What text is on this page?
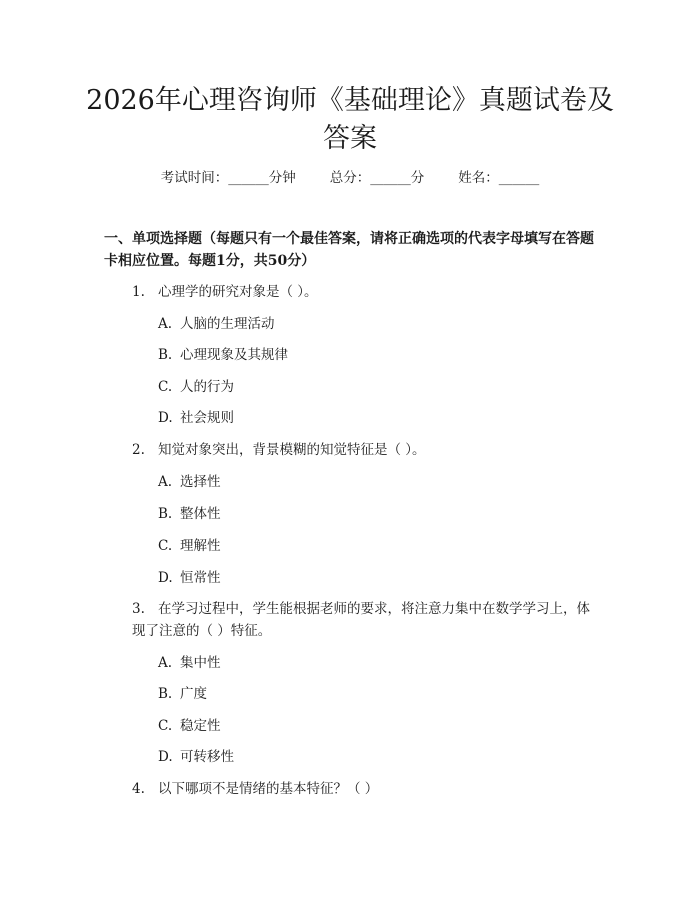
2026年心理咨询师《基础理论》真题试卷及答案
考试时间：______分钟	总分：______分	姓名：______

一、单项选择题（每题只有一个最佳答案，请将正确选项的代表字母填写在答题卡相应位置。每题1分，共50分）

1. 心理学的研究对象是（ ）。
A. 人脑的生理活动
B. 心理现象及其规律
C. 人的行为
D. 社会规则
2. 知觉对象突出，背景模糊的知觉特征是（ ）。
A. 选择性
B. 整体性
C. 理解性
D. 恒常性
3. 在学习过程中，学生能根据老师的要求，将注意力集中在数学学习上，体现了注意的（ ）特征。
A. 集中性
B. 广度
C. 稳定性
D. 可转移性
4. 以下哪项不是情绪的基本特征？（ ）
